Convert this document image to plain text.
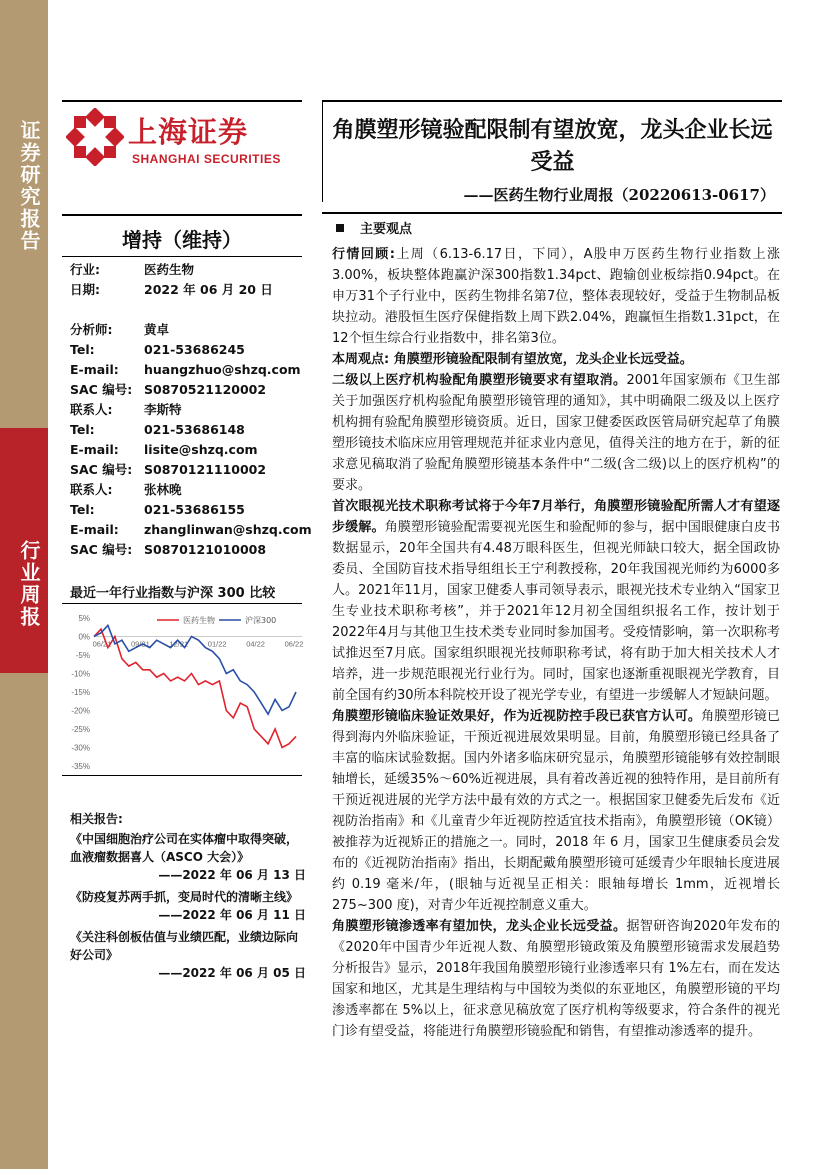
证券研究报告
行业周报
上海证券
SHANGHAI SECURITIES
角膜塑形镜验配限制有望放宽，龙头企业长远受益
——医药生物行业周报（20220613-0617）
增持（维持）
行业:	医药生物
日期:	2022 年 06 月 20 日
分析师:	黄卓
Tel:	021-53686245
E-mail: huangzhuo@shzq.com
SAC 编号: S0870521120002
联系人:	李斯特
Tel:	021-53686148
E-mail: lisite@shzq.com
SAC 编号: S0870121110002
联系人:	张林晚
Tel:	021-53686155
E-mail: zhanglinwan@shzq.com
SAC 编号: S0870121010008
最近一年行业指数与沪深 300 比较
5%
0%
-5%
-10%
-15%
-20%
-25%
-30%
-35%
06/21	09/21	12/21	01/22	04/22	06/22
医药生物	沪深300
相关报告:
《中国细胞治疗公司在实体瘤中取得突破，血液瘤数据喜人（ASCO 大会）》
——2022 年 06 月 13 日
《防疫复苏两手抓，变局时代的清晰主线》
——2022 年 06 月 11 日
《关注科创板估值与业绩匹配，业绩边际向好公司》
——2022 年 06 月 05 日
主要观点

行情回顾:上周（6.13-6.17日，下同），A股申万医药生物行业指数上涨3.00%，板块整体跑赢沪深300指数1.34pct、跑输创业板综指0.94pct。在申万31个子行业中，医药生物排名第7位，整体表现较好，受益于生物制品板块拉动。港股恒生医疗保健指数上周下跌2.04%，跑赢恒生指数1.31pct，在12个恒生综合行业指数中，排名第3位。

本周观点: 角膜塑形镜验配限制有望放宽，龙头企业长远受益。

二级以上医疗机构验配角膜塑形镜要求有望取消。2001年国家颁布《卫生部关于加强医疗机构验配角膜塑形镜管理的通知》，其中明确限二级及以上医疗机构拥有验配角膜塑形镜资质。近日，国家卫健委医政医管局研究起草了角膜塑形镜技术临床应用管理规范并征求业内意见，值得关注的地方在于，新的征求意见稿取消了验配角膜塑形镜基本条件中“二级(含二级)以上的医疗机构”的要求。

首次眼视光技术职称考试将于今年7月举行，角膜塑形镜验配所需人才有望逐步缓解。角膜塑形镜验配需要视光医生和验配师的参与，据中国眼健康白皮书数据显示，20年全国共有4.48万眼科医生，但视光师缺口较大，据全国政协委员、全国防盲技术指导组组长王宁利教授称，20年我国视光师约为6000多人。2021年11月，国家卫健委人事司领导表示，眼视光技术专业纳入“国家卫生专业技术职称考核”，并于2021年12月初全国组织报名工作，按计划于2022年4月与其他卫生技术类专业同时参加国考。受疫情影响，第一次职称考试推迟至7月底。国家组织眼视光技师职称考试，将有助于加大相关技术人才培养，进一步规范眼视光行业行为。同时，国家也逐渐重视眼视光学教育，目前全国有约30所本科院校开设了视光学专业，有望进一步缓解人才短缺问题。

角膜塑形镜临床验证效果好，作为近视防控手段已获官方认可。角膜塑形镜已得到海内外临床验证，干预近视进展效果明显。目前，角膜塑形镜已经具备了丰富的临床试验数据。国内外诸多临床研究显示，角膜塑形镜能够有效控制眼轴增长，延缓35%～60%近视进展，具有着改善近视的独特作用，是目前所有干预近视进展的光学方法中最有效的方式之一。根据国家卫健委先后发布《近视防治指南》和《儿童青少年近视防控适宜技术指南》，角膜塑形镜（OK镜）被推荐为近视矫正的措施之一。同时，2018 年 6 月，国家卫生健康委员会发布的《近视防治指南》指出，长期配戴角膜塑形镜可延缓青少年眼轴长度进展约 0.19 毫米/年，(眼轴与近视呈正相关：眼轴每增长 1mm，近视增长 275~300 度)，对青少年近视控制意义重大。

角膜塑形镜渗透率有望加快，龙头企业长远受益。据智研咨询2020年发布的《2020年中国青少年近视人数、角膜塑形镜政策及角膜塑形镜需求发展趋势分析报告》显示，2018年我国角膜塑形镜行业渗透率只有 1%左右，而在发达国家和地区，尤其是生理结构与中国较为类似的东亚地区，角膜塑形镜的平均渗透率都在 5%以上，征求意见稿放宽了医疗机构等级要求，符合条件的视光门诊有望受益，将能进行角膜塑形镜验配和销售，有望推动渗透率的提升。
